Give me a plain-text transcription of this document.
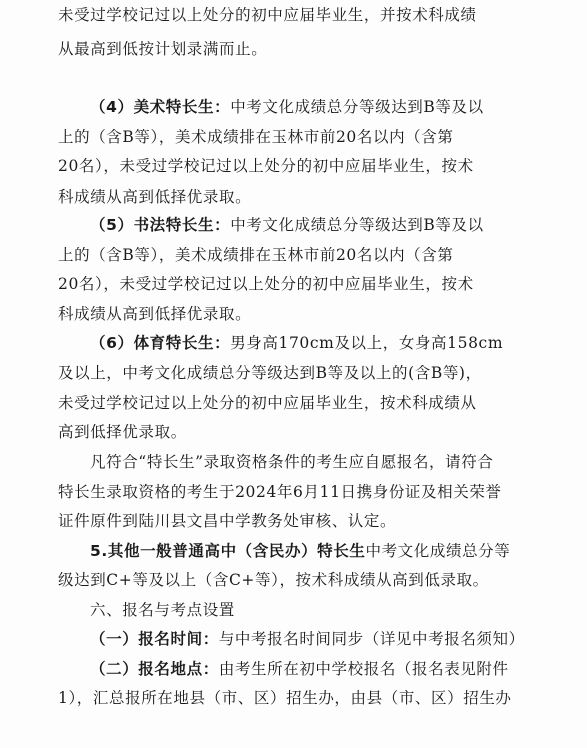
未受过学校记过以上处分的初中应届毕业生，并按术科成绩
从最高到低按计划录满而止。
（4）美术特长生：中考文化成绩总分等级达到B等及以
上的（含B等），美术成绩排在玉林市前20名以内（含第
20名），未受过学校记过以上处分的初中应届毕业生，按术
科成绩从高到低择优录取。
（5）书法特长生：中考文化成绩总分等级达到B等及以
上的（含B等），美术成绩排在玉林市前20名以内（含第
20名），未受过学校记过以上处分的初中应届毕业生，按术
科成绩从高到低择优录取。
（6）体育特长生：男身高170cm及以上，女身高158cm
及以上，中考文化成绩总分等级达到B等及以上的(含B等)，
未受过学校记过以上处分的初中应届毕业生，按术科成绩从
高到低择优录取。
凡符合“特长生”录取资格条件的考生应自愿报名，请符合
特长生录取资格的考生于2024年6月11日携身份证及相关荣誉
证件原件到陆川县文昌中学教务处审核、认定。
5.其他一般普通高中（含民办）特长生中考文化成绩总分等
级达到C+等及以上（含C+等），按术科成绩从高到低录取。
六、报名与考点设置
（一）报名时间：与中考报名时间同步（详见中考报名须知）
（二）报名地点：由考生所在初中学校报名（报名表见附件
1），汇总报所在地县（市、区）招生办，由县（市、区）招生办
